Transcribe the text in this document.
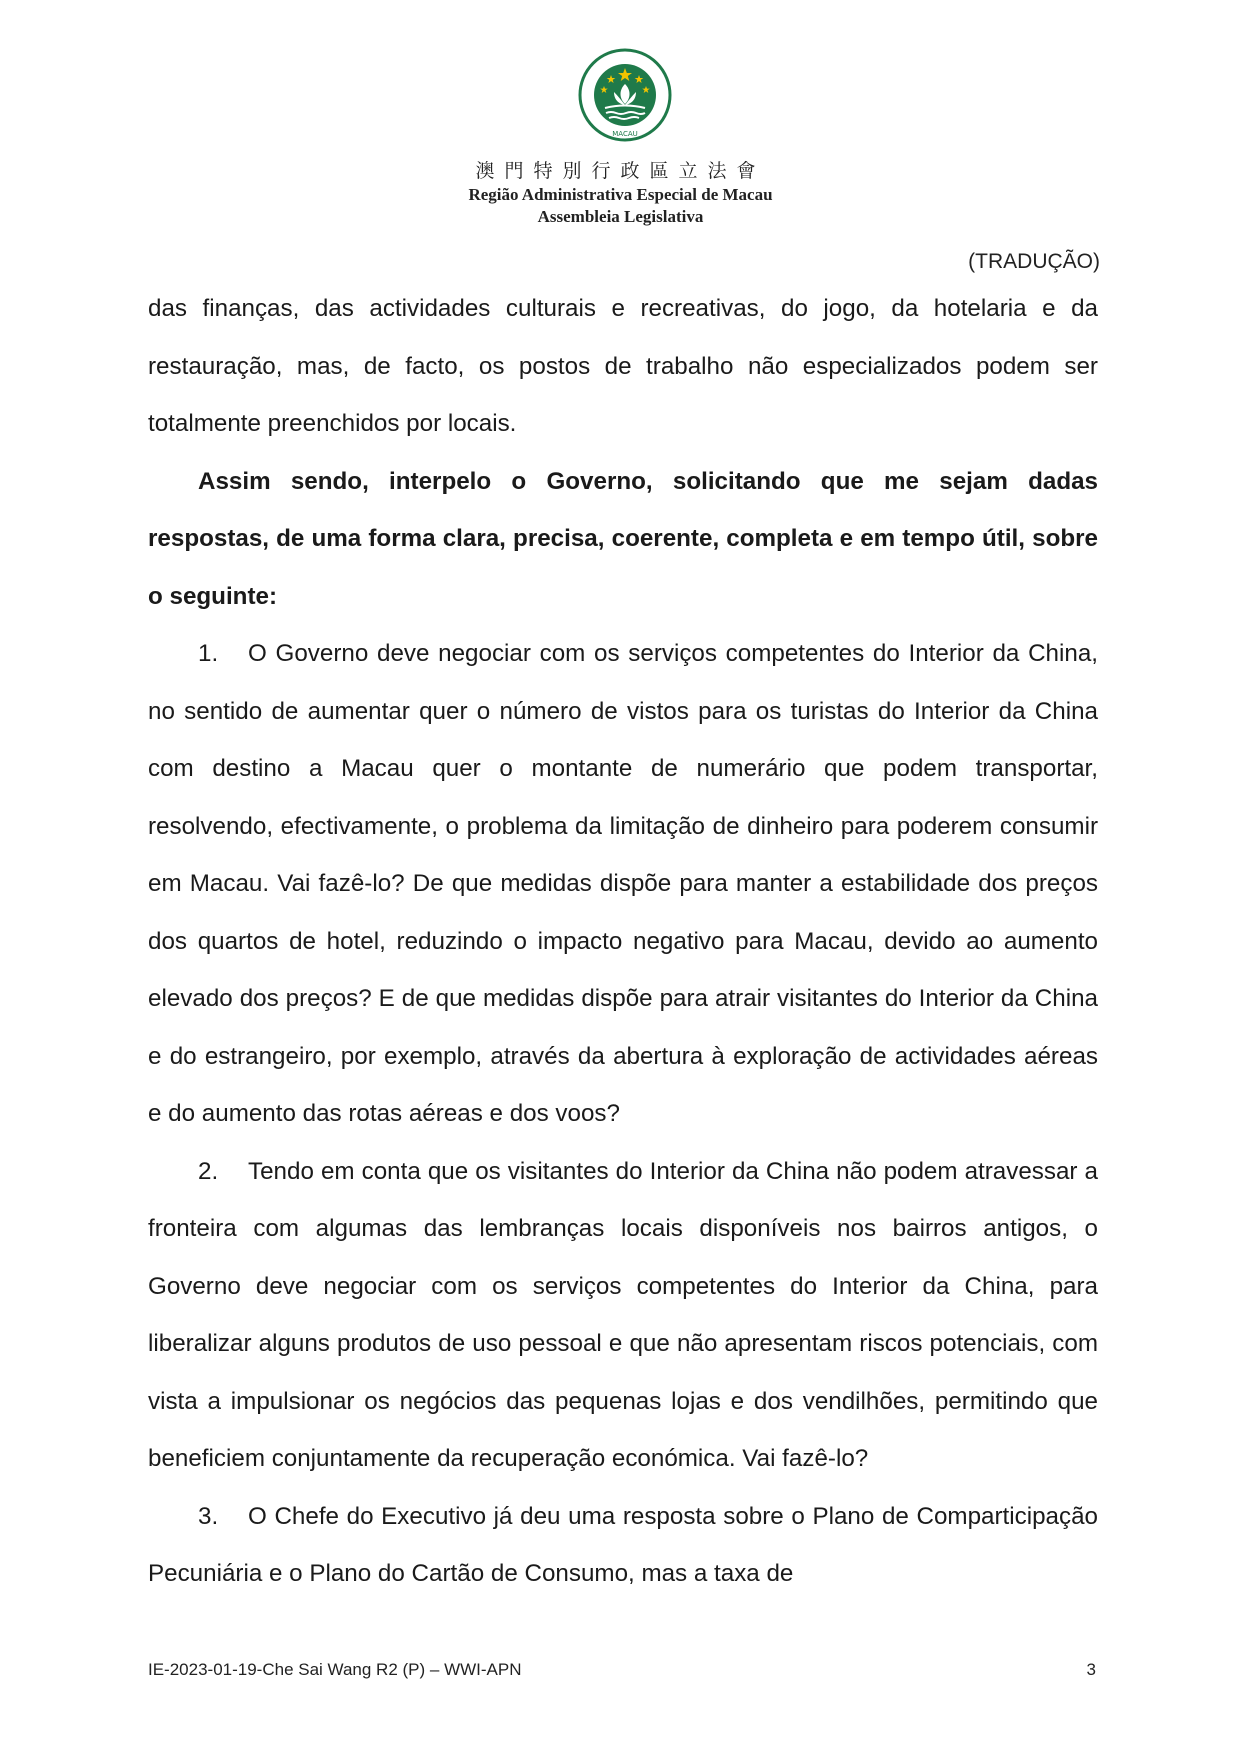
MACAU
澳門特別行政區立法會
Região Administrativa Especial de Macau
Assembleia Legislativa
(TRADUÇÃO)

das finanças, das actividades culturais e recreativas, do jogo, da hotelaria e da restauração, mas, de facto, os postos de trabalho não especializados podem ser totalmente preenchidos por locais.

Assim sendo, interpelo o Governo, solicitando que me sejam dadas respostas, de uma forma clara, precisa, coerente, completa e em tempo útil, sobre o seguinte:

1. O Governo deve negociar com os serviços competentes do Interior da China, no sentido de aumentar quer o número de vistos para os turistas do Interior da China com destino a Macau quer o montante de numerário que podem transportar, resolvendo, efectivamente, o problema da limitação de dinheiro para poderem consumir em Macau. Vai fazê-lo? De que medidas dispõe para manter a estabilidade dos preços dos quartos de hotel, reduzindo o impacto negativo para Macau, devido ao aumento elevado dos preços? E de que medidas dispõe para atrair visitantes do Interior da China e do estrangeiro, por exemplo, através da abertura à exploração de actividades aéreas e do aumento das rotas aéreas e dos voos?

2. Tendo em conta que os visitantes do Interior da China não podem atravessar a fronteira com algumas das lembranças locais disponíveis nos bairros antigos, o Governo deve negociar com os serviços competentes do Interior da China, para liberalizar alguns produtos de uso pessoal e que não apresentam riscos potenciais, com vista a impulsionar os negócios das pequenas lojas e dos vendilhões, permitindo que beneficiem conjuntamente da recuperação económica. Vai fazê-lo?

3. O Chefe do Executivo já deu uma resposta sobre o Plano de Comparticipação Pecuniária e o Plano do Cartão de Consumo, mas a taxa de

IE-2023-01-19-Che Sai Wang R2 (P) – WWI-APN	3
